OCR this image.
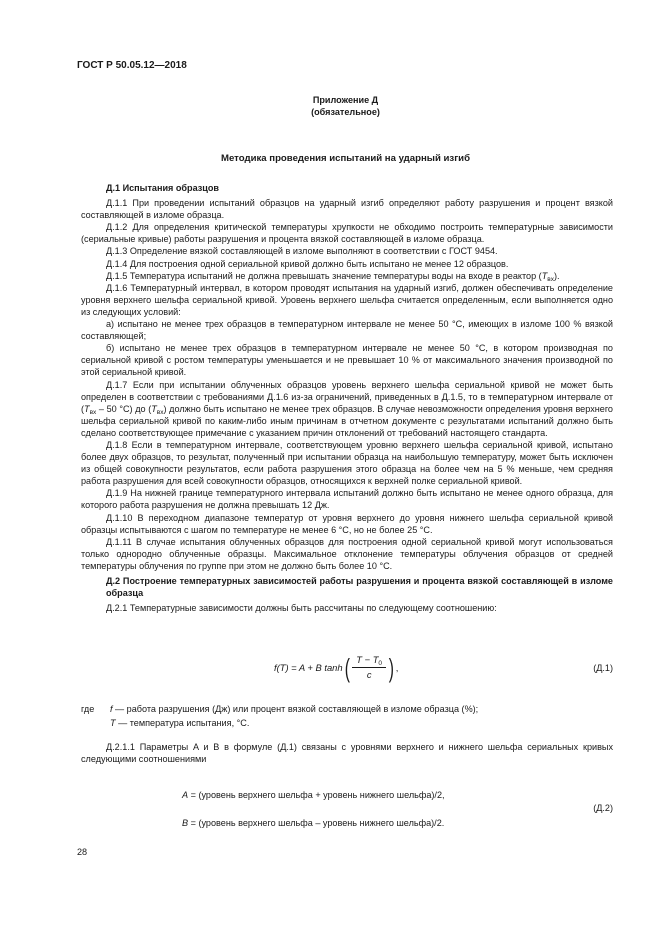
ГОСТ Р 50.05.12—2018
Приложение Д
(обязательное)
Методика проведения испытаний на ударный изгиб

Д.1 Испытания образцов

Д.1.1 При проведении испытаний образцов на ударный изгиб определяют работу разрушения и процент вязкой составляющей в изломе образца.

Д.1.2 Для определения критической температуры хрупкости не обходимо построить температурные зависимости (сериальные кривые) работы разрушения и процента вязкой составляющей в изломе образца.

Д.1.3 Определение вязкой составляющей в изломе выполняют в соответствии с ГОСТ 9454.

Д.1.4 Для построения одной сериальной кривой должно быть испытано не менее 12 образцов.

Д.1.5 Температура испытаний не должна превышать значение температуры воды на входе в реактор $(T_{вх})$.

Д.1.6 Температурный интервал, в котором проводят испытания на ударный изгиб, должен обеспечивать определение уровня верхнего шельфа сериальной кривой. Уровень верхнего шельфа считается определенным, если выполняется одно из следующих условий:

а) испытано не менее трех образцов в температурном интервале не менее 50 °С, имеющих в изломе 100 % вязкой составляющей;

б) испытано не менее трех образцов в температурном интервале не менее 50 °С, в котором производная по сериальной кривой с ростом температуры уменьшается и не превышает 10 % от максимального значения производной по этой сериальной кривой.

Д.1.7 Если при испытании облученных образцов уровень верхнего шельфа сериальной кривой не может быть определен в соответствии с требованиями Д.1.6 из-за ограничений, приведенных в Д.1.5, то в температурном интервале от ($T_{вх} - 50$ °С) до $(T_{вх})$ должно быть испытано не менее трех образцов. В случае невозможности определения уровня верхнего шельфа сериальной кривой по каким-либо иным причинам в отчетном документе с результатами испытаний должно быть сделано соответствующее примечание с указанием причин отклонений от требований настоящего стандарта.

Д.1.8 Если в температурном интервале, соответствующем уровню верхнего шельфа сериальной кривой, испытано более двух образцов, то результат, полученный при испытании образца на наибольшую температуру, может быть исключен из общей совокупности результатов, если работа разрушения этого образца на более чем на 5 % меньше, чем средняя работа разрушения для всей совокупности образцов, относящихся к верхней полке сериальной кривой.

Д.1.9 На нижней границе температурного интервала испытаний должно быть испытано не менее одного образца, для которого работа разрушения не должна превышать 12 Дж.

Д.1.10 В переходном диапазоне температур от уровня верхнего до уровня нижнего шельфа сериальной кривой образцы испытываются с шагом по температуре не менее 6 °С, но не более 25 °С.

Д.1.11 В случае испытания облученных образцов для построения одной сериальной кривой могут использоваться только однородно облученные образцы. Максимальное отклонение температуры облучения образцов от средней температуры облучения по группе при этом не должно быть более 10 °С.

Д.2 Построение температурных зависимостей работы разрушения и процента вязкой составляющей в изломе образца

Д.2.1 Температурные зависимости должны быть рассчитаны по следующему соотношению:

f(T) = A + B tanh ( $\frac{T - T_0}{c}$ ) ,	(Д.1)
где f — работа разрушения (Дж) или процент вязкой составляющей в изломе образца (%);
T — температура испытания, °С.

Д.2.1.1 Параметры A и B в формуле (Д.1) связаны с уровнями верхнего и нижнего шельфа сериальных кривых следующими соотношениями

A = (уровень верхнего шельфа + уровень нижнего шельфа)/2,
B = (уровень верхнего шельфа – уровень нижнего шельфа)/2.
(Д.2)
28
